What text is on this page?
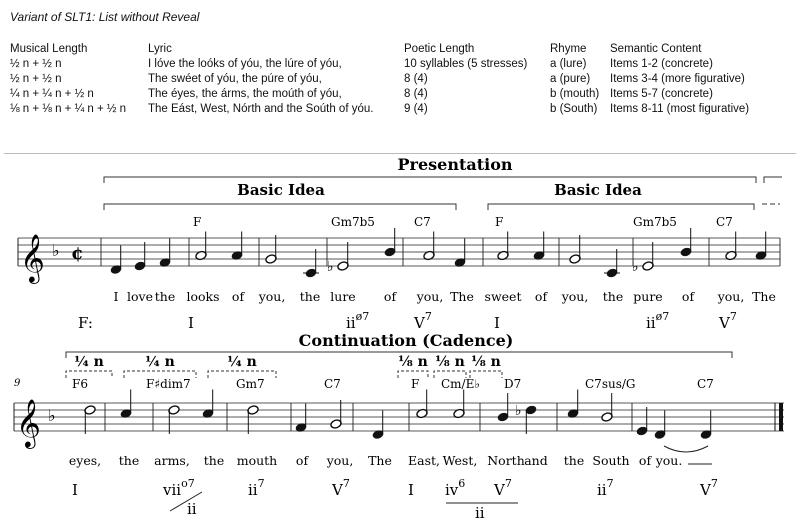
Variant of SLT1: List without Reveal
Musical Length	Lyric	Poetic Length	Rhyme	Semantic Content
½ n + ½ n	I lóve the loóks of yóu, the lúre of yóu,	10 syllables (5 stresses)	a (lure)	Items 1-2 (concrete)
½ n + ½ n	The swéet of yóu, the púre of yóu,	8 (4)	a (pure)	Items 3-4 (more figurative)
¼ n + ¼ n + ½ n	The éyes, the árms, the moúth of yóu,	8 (4)	b (mouth)	Items 5-7 (concrete)
⅛ n + ⅛ n + ¼ n + ½ n	The Eást, West, Nórth and the Soúth of yóu.	9 (4)	b (South)	Items 8-11 (most figurative)
Presentation
Basic Idea	Basic Idea
𝄞 ♭ ¢
♭	♭
F	Gm7b5	C7	F	Gm7b5	C7
I love the looks of you, the lure of you, The sweet of you, the pure of you, The
F:	I	$ii^{ø7}$	$V^7$	I	$ii^{ø7}$	$V^7$
Continuation (Cadence)
¼ n	¼ n	¼ n	⅛ n ⅛ n ⅛ n
9
𝄞 ♭	♭
F6	F♯dim7	Gm7	C7	F Cm/E♭ D7	C7sus/G	C7
eyes, the arms, the mouth of you, The East, West, North and the South of you.
I	vii$^{o7}$	$ii^7$	$V^7$	I $iv^6$ $V^7$	$ii^7$	$V^7$
ii	ii
